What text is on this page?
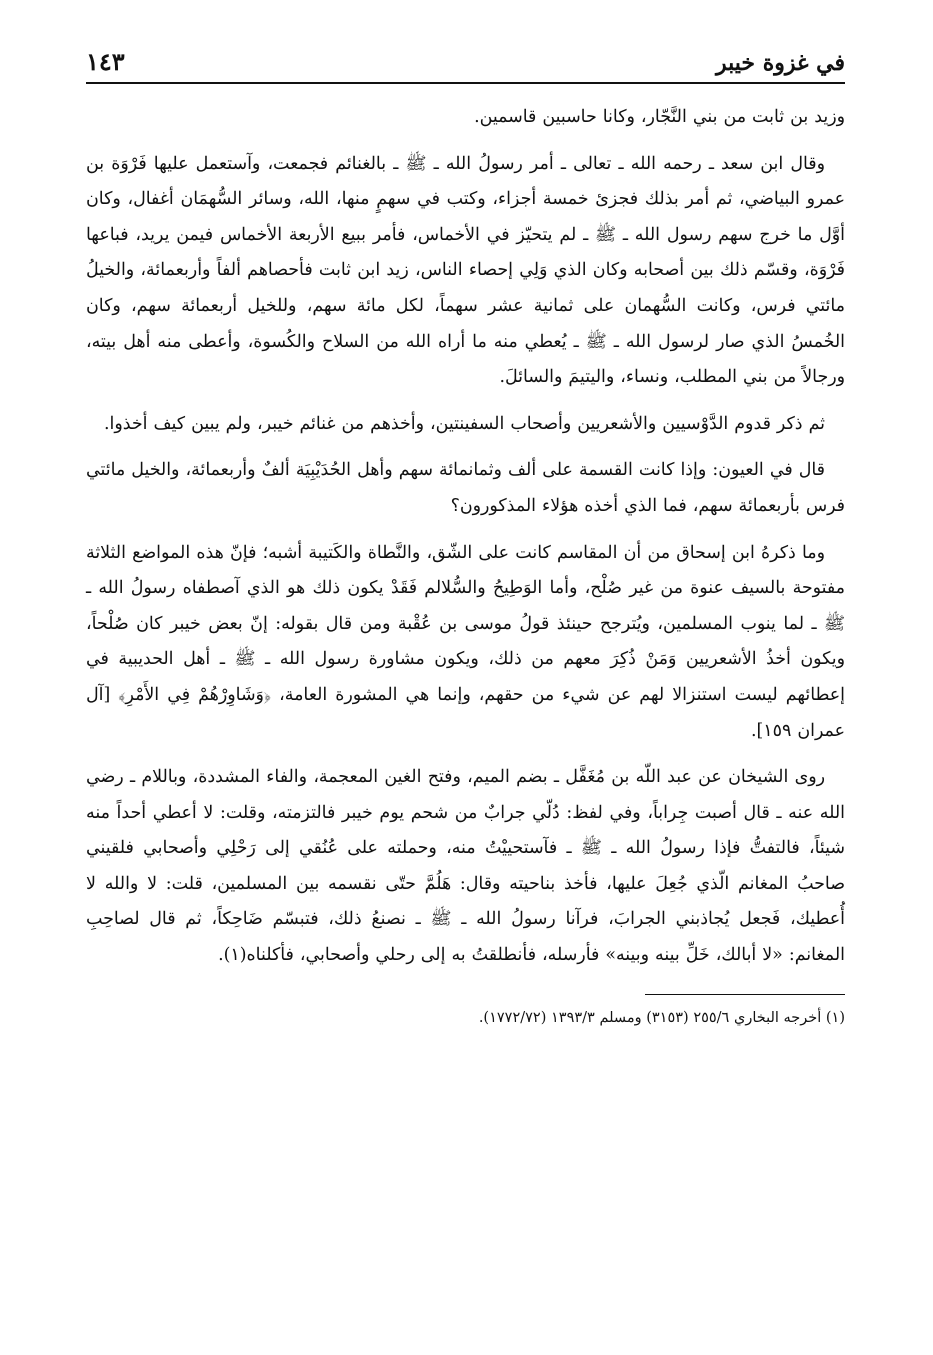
في غزوة خيبر
١٤٣

وزيد بن ثابت من بني النَّجّار، وكانا حاسبين قاسمين.

وقال ابن سعد ـ رحمه الله ـ تعالى ـ أمر رسولُ الله ـ ﷺ ـ بالغنائم فجمعت، وآستعمل عليها فَرْوَة بن عمرو البياضي، ثم أمر بذلك فجزئ خمسة أجزاء، وكتب في سهمٍ منها، الله، وسائر السُّهمَان أغفال، وكان أوَّل ما خرج سهم رسول الله ـ ﷺ ـ لم يتحيّز في الأخماس، فأمر ببيع الأربعة الأخماس فيمن يريد، فباعها فَرْوَة، وقسّم ذلك بين أصحابه وكان الذي وَلِي إحصاء الناس، زيد ابن ثابت فأحصاهم ألفاً وأربعمائة، والخيلُ مائتي فرس، وكانت السُّهمان على ثمانية عشر سهماً، لكل مائة سهم، وللخيل أربعمائة سهم، وكان الخُمسُ الذي صار لرسول الله ـ ﷺ ـ يُعطي منه ما أراه الله من السلاح والكُسوة، وأعطى منه أهل بيته، ورجالاً من بني المطلب، ونساء، واليتيمَ والسائلَ.

ثم ذكر قدوم الدَّوْسيين والأشعريين وأصحاب السفينتين، وأخذهم من غنائم خيبر، ولم يبين كيف أخذوا.

قال في العيون: وإذا كانت القسمة على ألف وثمانمائة سهم وأهل الحُدَيْبِيَة ألفٌ وأربعمائة، والخيل مائتي فرس بأربعمائة سهم، فما الذي أخذه هؤلاء المذكورون؟

وما ذكرهُ ابن إسحاق من أن المقاسم كانت على الشّق، والنَّطاة والكَتيبة أشبه؛ فإنّ هذه المواضع الثلاثة مفتوحة بالسيف عنوة من غير صُلْح، وأما الوَطِيحُ والسُّلالم فَقَدْ يكون ذلك هو الذي آصطفاه رسولُ الله ـ ﷺ ـ لما ينوب المسلمين، ويُترجح حينئذ قولُ موسى بن عُقْبة ومن قال بقوله: إنّ بعض خيبر كان صُلْحاً، ويكون أخذُ الأشعريين وَمَنْ ذُكِرَ معهم من ذلك، ويكون مشاورة رسول الله ـ ﷺ ـ أهل الحديبية في إعطائهم ليست استنزالا لهم عن شيء من حقهم، وإنما هي المشورة العامة، ﴿وَشَاوِرْهُمْ فِي الأَمْرِ﴾ [آل عمران ١٥٩].

روى الشيخان عن عبد اللّه بن مُغَفَّل ـ بضم الميم، وفتح الغين المعجمة، والفاء المشددة، وباللام ـ رضي الله عنه ـ قال أصبت جِراباً، وفي لفظ: دُلّي جرابٌ من شحم يوم خيبر فالتزمته، وقلت: لا أعطي أحداً منه شيئاً، فالتفتُّ فإذا رسولُ الله ـ ﷺ ـ فآستحييْتُ منه، وحملته على عُنُقي إلى رَحْلِي وأصحابي فلقيني صاحبُ المغانم الّذي جُعِلَ عليها، فأخذ بناحيته وقال: هَلُمَّ حتّى نقسمه بين المسلمين، قلت: لا والله لا أُعطيك، فَجعل يُجاذبني الجرابَ، فرآنا رسولُ الله ـ ﷺ ـ نصنعُ ذلك، فتبسّم ضَاحِكاً، ثم قال لصاحِبِ المغانم: «لا أبالك، خَلِّ بينه وبينه» فأرسله، فأنطلقتُ به إلى رحلي وأصحابي، فأكلناه(١).

(١) أخرجه البخاري ٢٥٥/٦ (٣١٥٣) ومسلم ١٣٩٣/٣ (١٧٧٢/٧٢).
